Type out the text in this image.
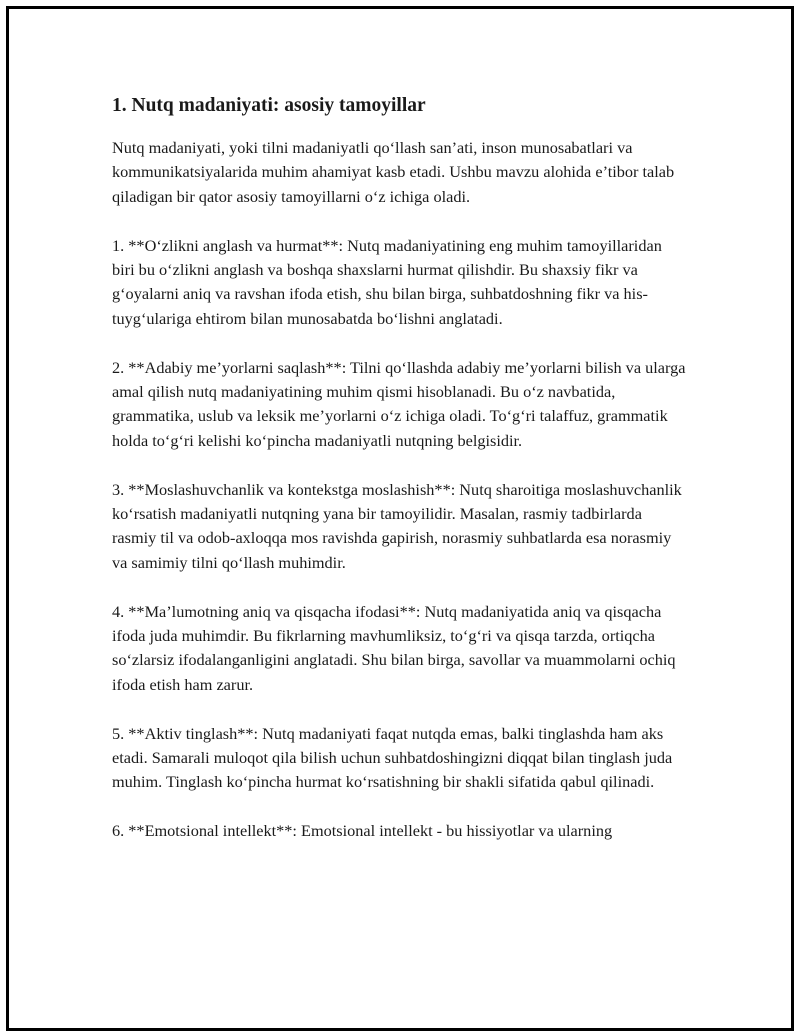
1. Nutq madaniyati: asosiy tamoyillar

Nutq madaniyati, yoki tilni madaniyatli qo‘llash san’ati, inson munosabatlari va kommunikatsiyalarida muhim ahamiyat kasb etadi. Ushbu mavzu alohida e’tibor talab qiladigan bir qator asosiy tamoyillarni o‘z ichiga oladi.

1. **O‘zlikni anglash va hurmat**: Nutq madaniyatining eng muhim tamoyillaridan biri bu o‘zlikni anglash va boshqa shaxslarni hurmat qilishdir. Bu shaxsiy fikr va g‘oyalarni aniq va ravshan ifoda etish, shu bilan birga, suhbatdoshning fikr va his-tuyg‘ulariga ehtirom bilan munosabatda bo‘lishni anglatadi.

2. **Adabiy me’yorlarni saqlash**: Tilni qo‘llashda adabiy me’yorlarni bilish va ularga amal qilish nutq madaniyatining muhim qismi hisoblanadi. Bu o‘z navbatida, grammatika, uslub va leksik me’yorlarni o‘z ichiga oladi. To‘g‘ri talaffuz, grammatik holda to‘g‘ri kelishi ko‘pincha madaniyatli nutqning belgisidir.

3. **Moslashuvchanlik va kontekstga moslashish**: Nutq sharoitiga moslashuvchanlik ko‘rsatish madaniyatli nutqning yana bir tamoyilidir. Masalan, rasmiy tadbirlarda rasmiy til va odob-axloqqa mos ravishda gapirish, norasmiy suhbatlarda esa norasmiy va samimiy tilni qo‘llash muhimdir.

4. **Ma’lumotning aniq va qisqacha ifodasi**: Nutq madaniyatida aniq va qisqacha ifoda juda muhimdir. Bu fikrlarning mavhumliksiz, to‘g‘ri va qisqa tarzda, ortiqcha so‘zlarsiz ifodalanganligini anglatadi. Shu bilan birga, savollar va muammolarni ochiq ifoda etish ham zarur.

5. **Aktiv tinglash**: Nutq madaniyati faqat nutqda emas, balki tinglashda ham aks etadi. Samarali muloqot qila bilish uchun suhbatdoshingizni diqqat bilan tinglash juda muhim. Tinglash ko‘pincha hurmat ko‘rsatishning bir shakli sifatida qabul qilinadi.

6. **Emotsional intellekt**: Emotsional intellekt - bu hissiyotlar va ularning
